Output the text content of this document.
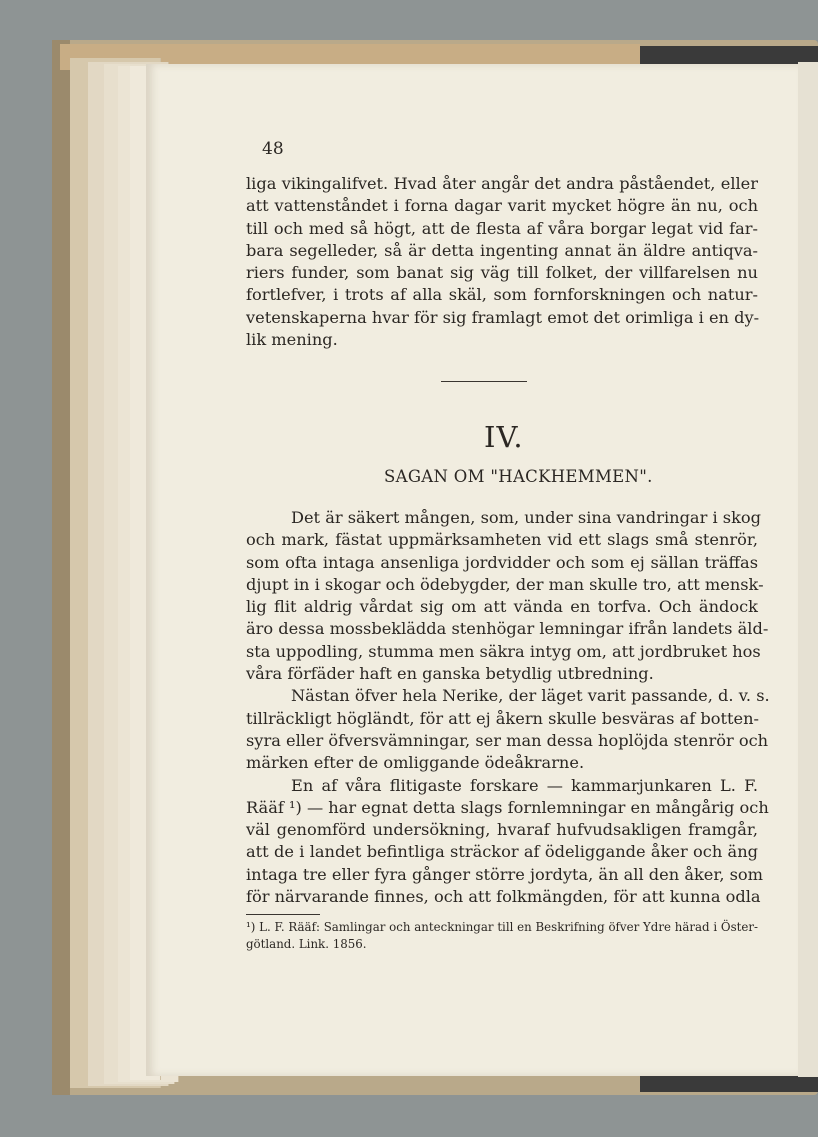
48
liga vikingalifvet. Hvad åter angår det andra påståendet, eller
att vattenståndet i forna dagar varit mycket högre än nu, och
till och med så högt, att de flesta af våra borgar legat vid far-
bara segelleder, så är detta ingenting annat än äldre antiqva-
riers funder, som banat sig väg till folket, der villfarelsen nu
fortlefver, i trots af alla skäl, som fornforskningen och natur-
vetenskaperna hvar för sig framlagt emot det orimliga i en dy-
lik mening.
IV.
SAGAN OM "HACKHEMMEN".
Det är säkert mången, som, under sina vandringar i skog
och mark, fästat uppmärksamheten vid ett slags små stenrör,
som ofta intaga ansenliga jordvidder och som ej sällan träffas
djupt in i skogar och ödebygder, der man skulle tro, att mensk-
lig flit aldrig vårdat sig om att vända en torfva. Och ändock
äro dessa mossbeklädda stenhögar lemningar ifrån landets äld-
sta uppodling, stumma men säkra intyg om, att jordbruket hos
våra förfäder haft en ganska betydlig utbredning.
Nästan öfver hela Nerike, der läget varit passande, d. v. s.
tillräckligt högländt, för att ej åkern skulle besväras af botten-
syra eller öfversvämningar, ser man dessa hoplöjda stenrör och
märken efter de omliggande ödeåkrarne.
En af våra flitigaste forskare — kammarjunkaren L. F.
Rääf ¹) — har egnat detta slags fornlemningar en mångårig och
väl genomförd undersökning, hvaraf hufvudsakligen framgår,
att de i landet befintliga sträckor af ödeliggande åker och äng
intaga tre eller fyra gånger större jordyta, än all den åker, som
för närvarande finnes, och att folkmängden, för att kunna odla
¹) L. F. Rääf: Samlingar och anteckningar till en Beskrifning öfver Ydre härad i Öster-
götland. Link. 1856.
